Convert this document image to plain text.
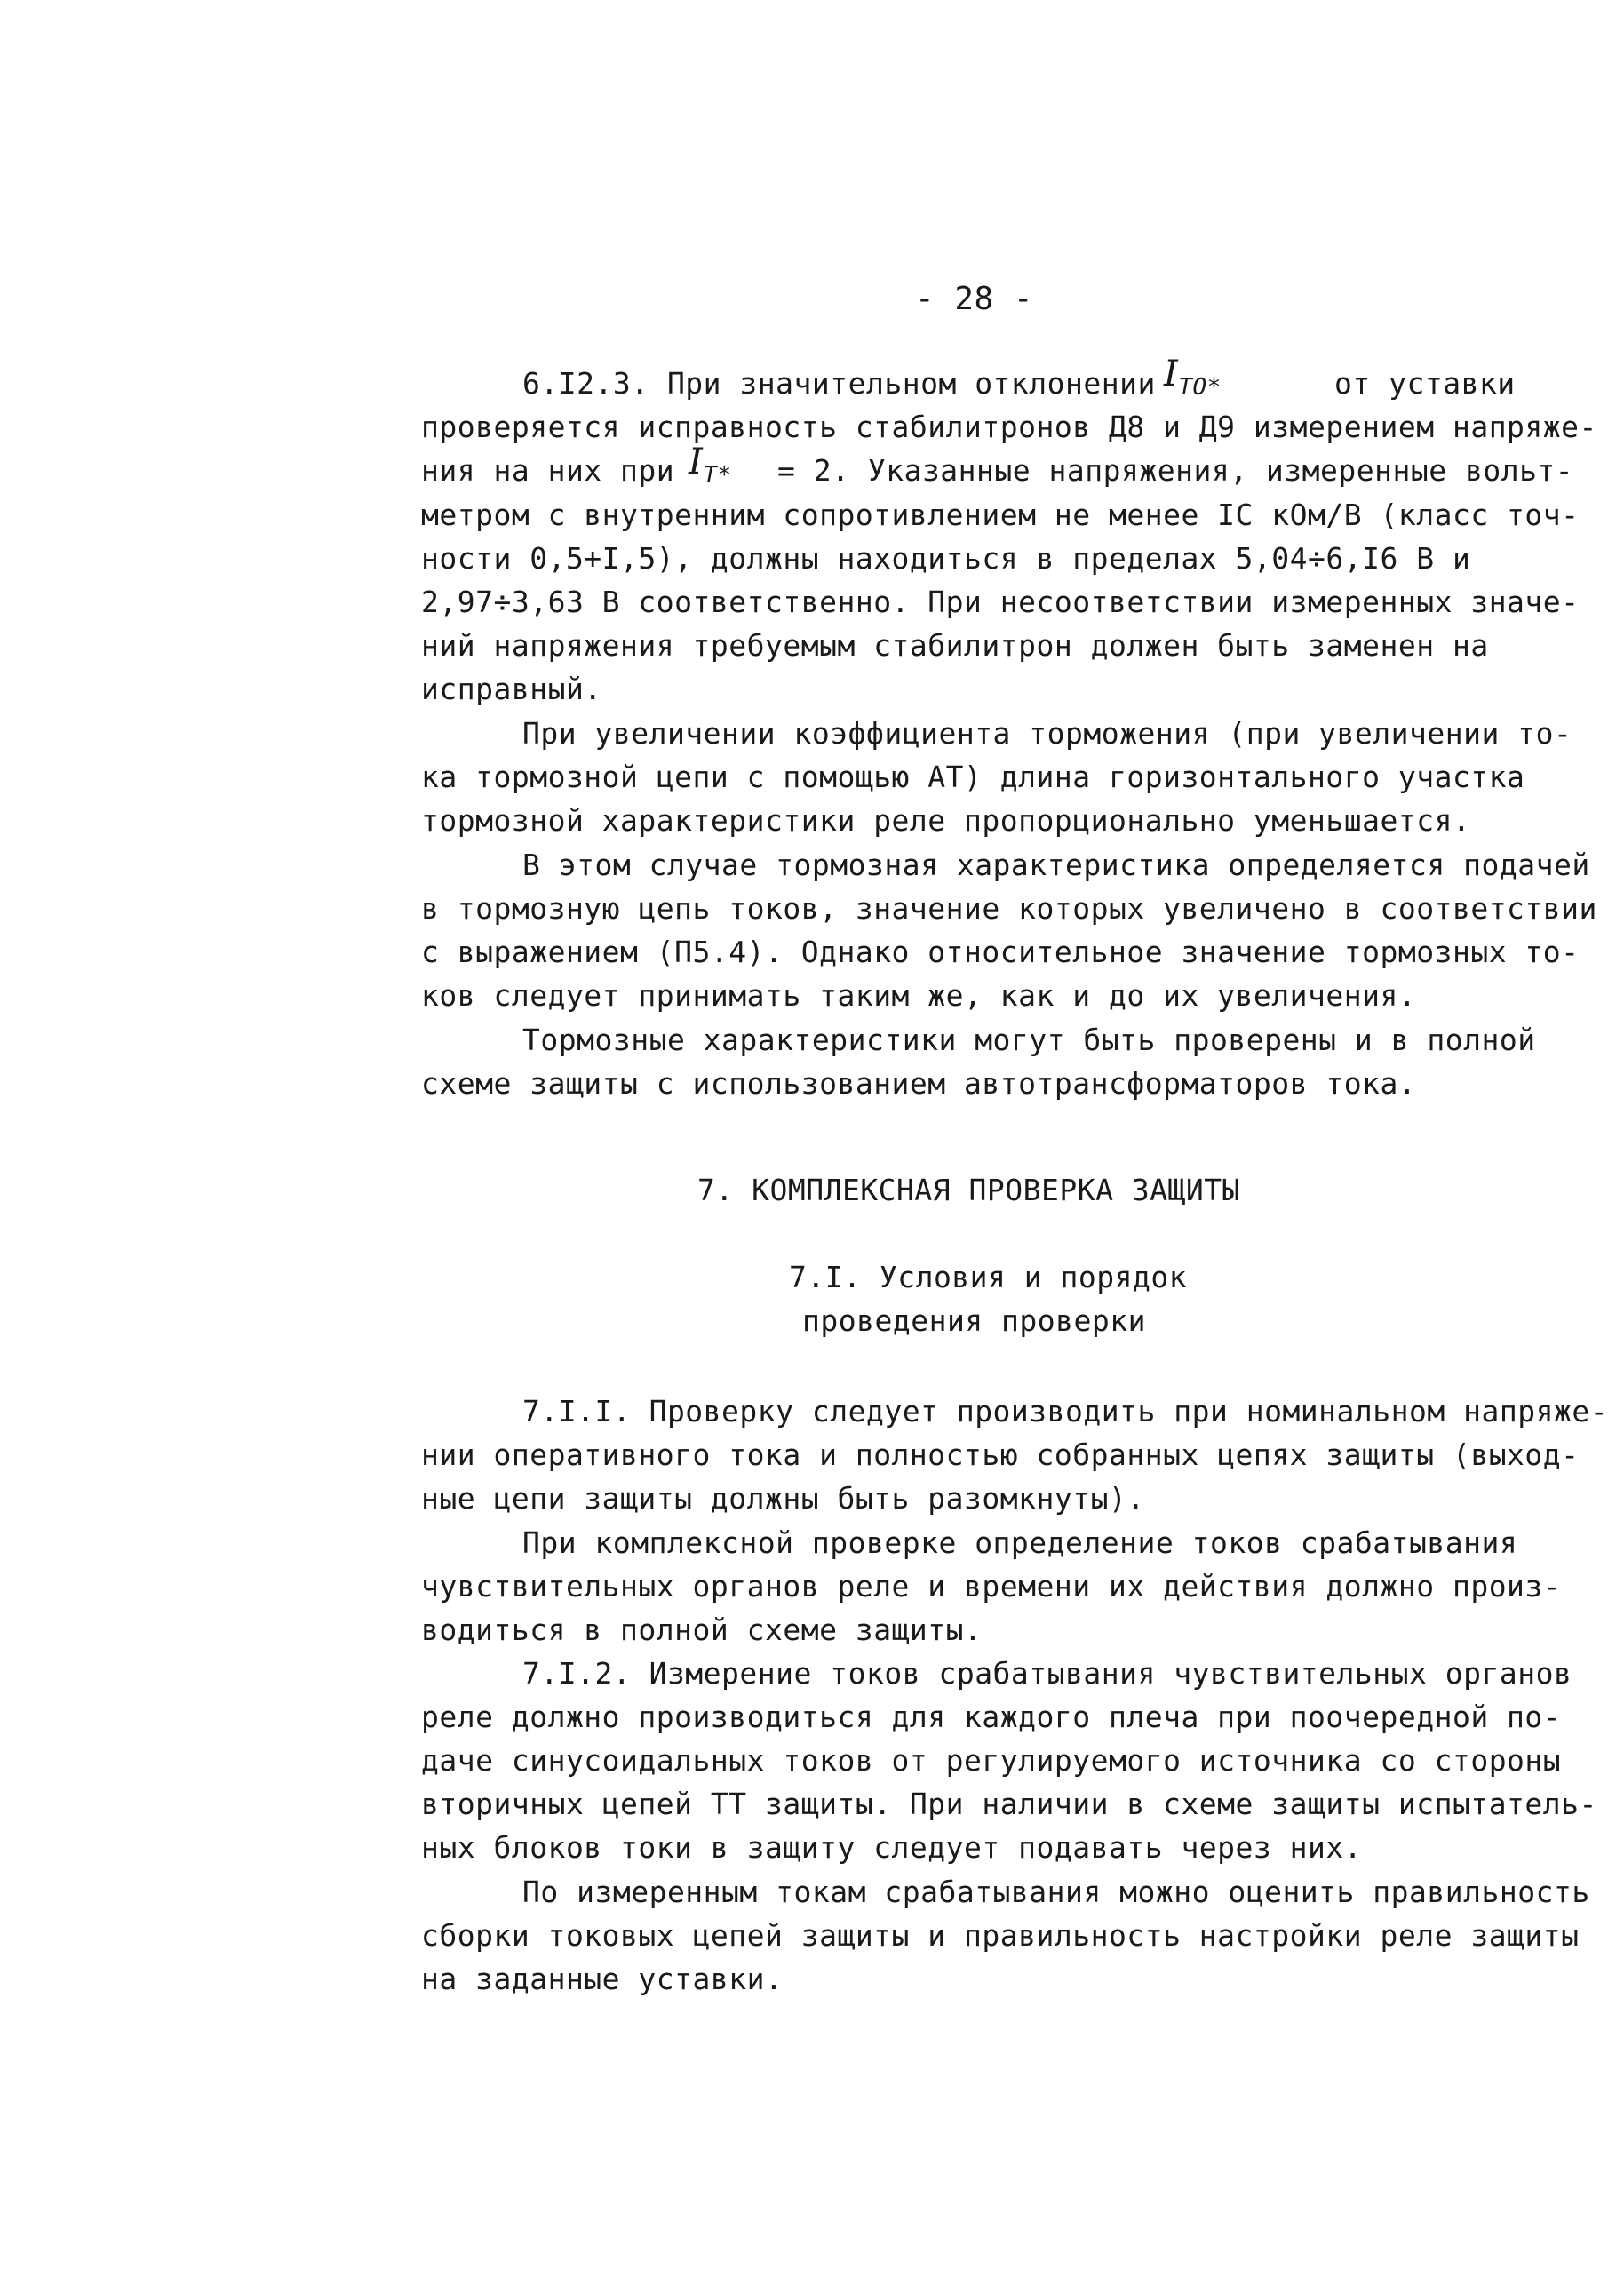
- 28 -
6.I2.3. При значительном отклонении $I_{ТО*}$	от уставки
проверяется исправность стабилитронов Д8 и Д9 измерением напряже-
ния на них при $I_{Т*} = 2$. Указанные напряжения, измеренные вольт-
метром с внутренним сопротивлением не менее IC кОм/В (класс точ-
ности 0,5+I,5), должны находиться в пределах 5,04÷6,I6 В и
2,97÷3,63 В соответственно. При несоответствии измеренных значе-
ний напряжения требуемым стабилитрон должен быть заменен на
исправный.
При увеличении коэффициента торможения (при увеличении то-
ка тормозной цепи с помощью АТ) длина горизонтального участка
тормозной характеристики реле пропорционально уменьшается.
В этом случае тормозная характеристика определяется подачей
в тормозную цепь токов, значение которых увеличено в соответствии
с выражением (П5.4). Однако относительное значение тормозных то-
ков следует принимать таким же, как и до их увеличения.
Тормозные характеристики могут быть проверены и в полной
схеме защиты с использованием автотрансформаторов тока.
7. КОМПЛЕКСНАЯ ПРОВЕРКА ЗАЩИТЫ
7.I. Условия и порядок
проведения проверки
7.I.I. Проверку следует производить при номинальном напряже-
нии оперативного тока и полностью собранных цепях защиты (выход-
ные цепи защиты должны быть разомкнуты).
При комплексной проверке определение токов срабатывания
чувствительных органов реле и времени их действия должно произ-
водиться в полной схеме защиты.
7.I.2. Измерение токов срабатывания чувствительных органов
реле должно производиться для каждого плеча при поочередной по-
даче синусоидальных токов от регулируемого источника со стороны
вторичных цепей ТТ защиты. При наличии в схеме защиты испытатель-
ных блоков токи в защиту следует подавать через них.
По измеренным токам срабатывания можно оценить правильность
сборки токовых цепей защиты и правильность настройки реле защиты
на заданные уставки.
